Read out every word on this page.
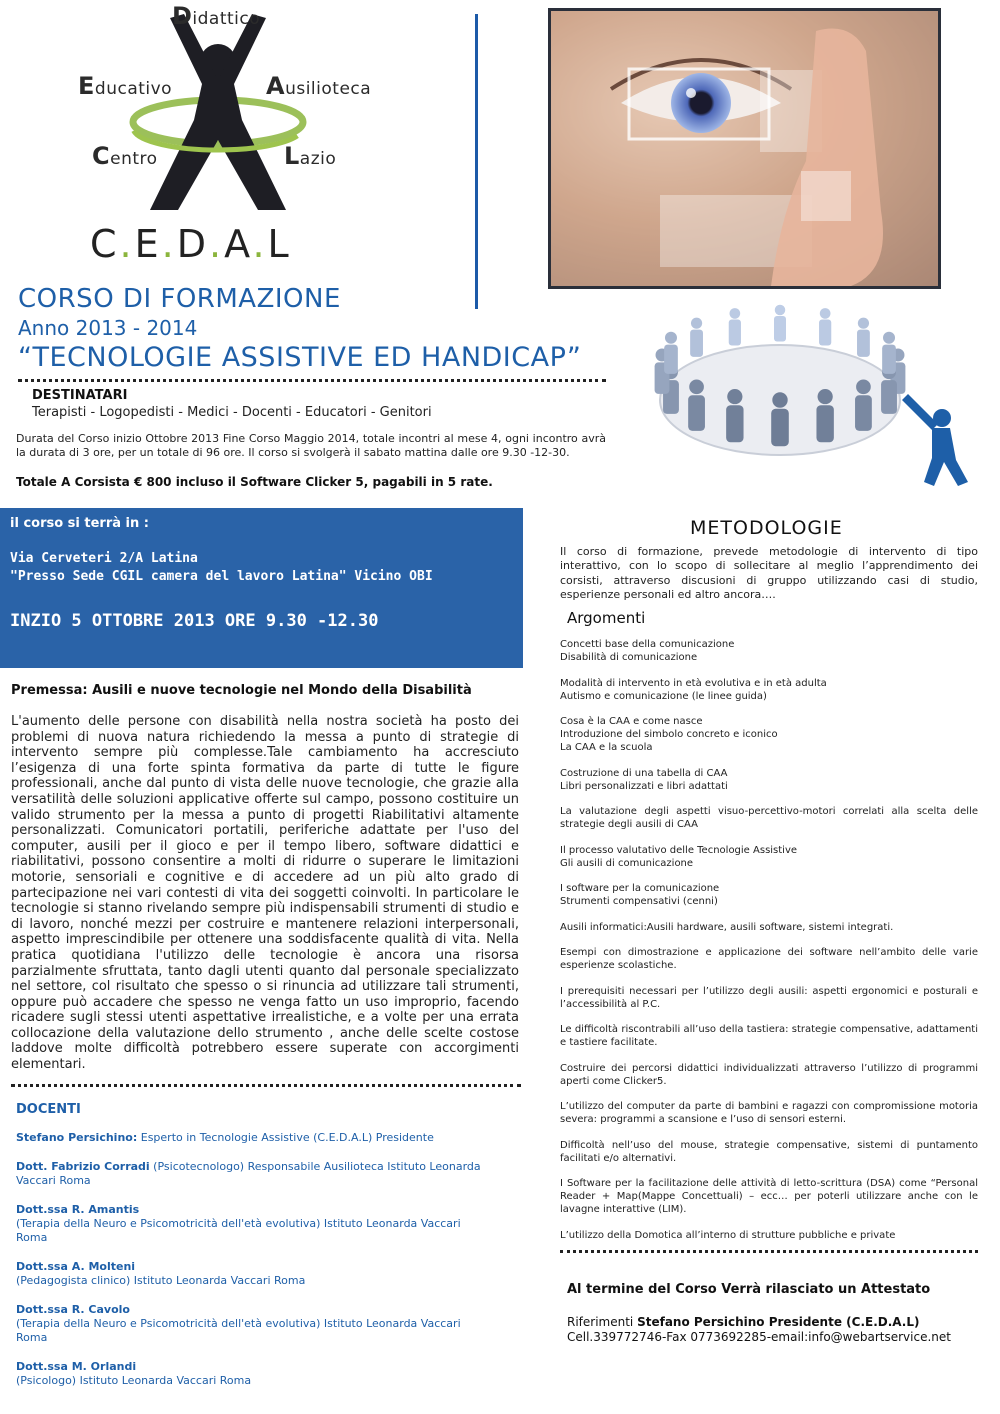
Didattico
Educativo	Ausilioteca
Centro	Lazio
C.E.D.A.L
CORSO DI FORMAZIONE
Anno 2013 - 2014
“TECNOLOGIE ASSISTIVE ED HANDICAP”
DESTINATARI
Terapisti - Logopedisti - Medici - Docenti - Educatori - Genitori
Durata del Corso inizio Ottobre 2013 Fine Corso Maggio 2014, totale incontri al mese 4, ogni incontro avrà la durata di 3 ore, per un totale di 96 ore. Il corso si svolgerà il sabato mattina dalle ore 9.30 -12-30.
Totale A Corsista € 800 incluso il Software Clicker 5, pagabili in 5 rate.
il corso si terrà in :
Via Cerveteri 2/A Latina
"Presso Sede CGIL camera del lavoro Latina" Vicino OBI
INZIO 5 OTTOBRE 2013 ORE 9.30 -12.30
Premessa: Ausili e nuove tecnologie nel Mondo della Disabilità
L'aumento delle persone con disabilità nella nostra società ha posto dei problemi di nuova natura richiedendo la messa a punto di strategie di intervento sempre più complesse.Tale cambiamento ha accresciuto l’esigenza di una forte spinta formativa da parte di tutte le figure professionali, anche dal punto di vista delle nuove tecnologie, che grazie alla versatilità delle soluzioni applicative offerte sul campo, possono costituire un valido strumento per la messa a punto di progetti Riabilitativi altamente personalizzati. Comunicatori portatili, periferiche adattate per l'uso del computer, ausili per il gioco e per il tempo libero, software didattici e riabilitativi, possono consentire a molti di ridurre o superare le limitazioni motorie, sensoriali e cognitive e di accedere ad un più alto grado di partecipazione nei vari contesti di vita dei soggetti coinvolti. In particolare le tecnologie si stanno rivelando sempre più indispensabili strumenti di studio e di lavoro, nonché mezzi per costruire e mantenere relazioni interpersonali, aspetto imprescindibile per ottenere una soddisfacente qualità di vita. Nella pratica quotidiana l'utilizzo delle tecnologie è ancora una risorsa parzialmente sfruttata, tanto dagli utenti quanto dal personale specializzato nel settore, col risultato che spesso o si rinuncia ad utilizzare tali strumenti, oppure può accadere che spesso ne venga fatto un uso improprio, facendo ricadere sugli stessi utenti aspettative irrealistiche, e a volte per una errata collocazione della valutazione dello strumento , anche delle scelte costose laddove molte difficoltà potrebbero essere superate con accorgimenti elementari.
DOCENTI
Stefano Persichino: Esperto in Tecnologie Assistive (C.E.D.A.L) Presidente
Dott. Fabrizio Corradi (Psicotecnologo) Responsabile Ausilioteca Istituto Leonarda Vaccari Roma
Dott.ssa R. Amantis
(Terapia della Neuro e Psicomotricità dell'età evolutiva) Istituto Leonarda Vaccari Roma
Dott.ssa A. Molteni
(Pedagogista clinico) Istituto Leonarda Vaccari Roma
Dott.ssa R. Cavolo
(Terapia della Neuro e Psicomotricità dell'età evolutiva) Istituto Leonarda Vaccari Roma
Dott.ssa M. Orlandi
(Psicologo) Istituto Leonarda Vaccari Roma
METODOLOGIE
Il corso di formazione, prevede metodologie di intervento di tipo interattivo, con lo scopo di sollecitare al meglio l’apprendimento dei corsisti, attraverso discusioni di gruppo utilizzando casi di studio, esperienze personali ed altro ancora….
Argomenti
Concetti base della comunicazione
Disabilità di comunicazione
Modalità di intervento in età evolutiva e in età adulta
Autismo e comunicazione (le linee guida)
Cosa è la CAA e come nasce
Introduzione del simbolo concreto e iconico
La CAA e la scuola
Costruzione di una tabella di CAA
Libri personalizzati e libri adattati
La valutazione degli aspetti visuo-percettivo-motori correlati alla scelta delle strategie degli ausili di CAA
Il processo valutativo delle Tecnologie Assistive
Gli ausili di comunicazione
I software per la comunicazione
Strumenti compensativi (cenni)
Ausili informatici:Ausili hardware, ausili software, sistemi integrati.
Esempi con dimostrazione e applicazione dei software nell’ambito delle varie esperienze scolastiche.
I prerequisiti necessari per l’utilizzo degli ausili: aspetti ergonomici e posturali e l’accessibilità al P.C.
Le difficoltà riscontrabili all’uso della tastiera: strategie compensative, adattamenti e tastiere facilitate.
Costruire dei percorsi didattici individualizzati attraverso l’utilizzo di programmi aperti come Clicker5.
L’utilizzo del computer da parte di bambini e ragazzi con compromissione motoria severa: programmi a scansione e l’uso di sensori esterni.
Difficoltà nell’uso del mouse, strategie compensative, sistemi di puntamento facilitati e/o alternativi.
I Software per la facilitazione delle attività di letto-scrittura (DSA) come “Personal Reader + Map(Mappe Concettuali) – ecc… per poterli utilizzare anche con le lavagne interattive (LIM).
L’utilizzo della Domotica all’interno di strutture pubbliche e private
Al termine del Corso Verrà rilasciato un Attestato
Riferimenti Stefano Persichino Presidente (C.E.D.A.L)
Cell.339772746-Fax 0773692285-email:info@webartservice.net
